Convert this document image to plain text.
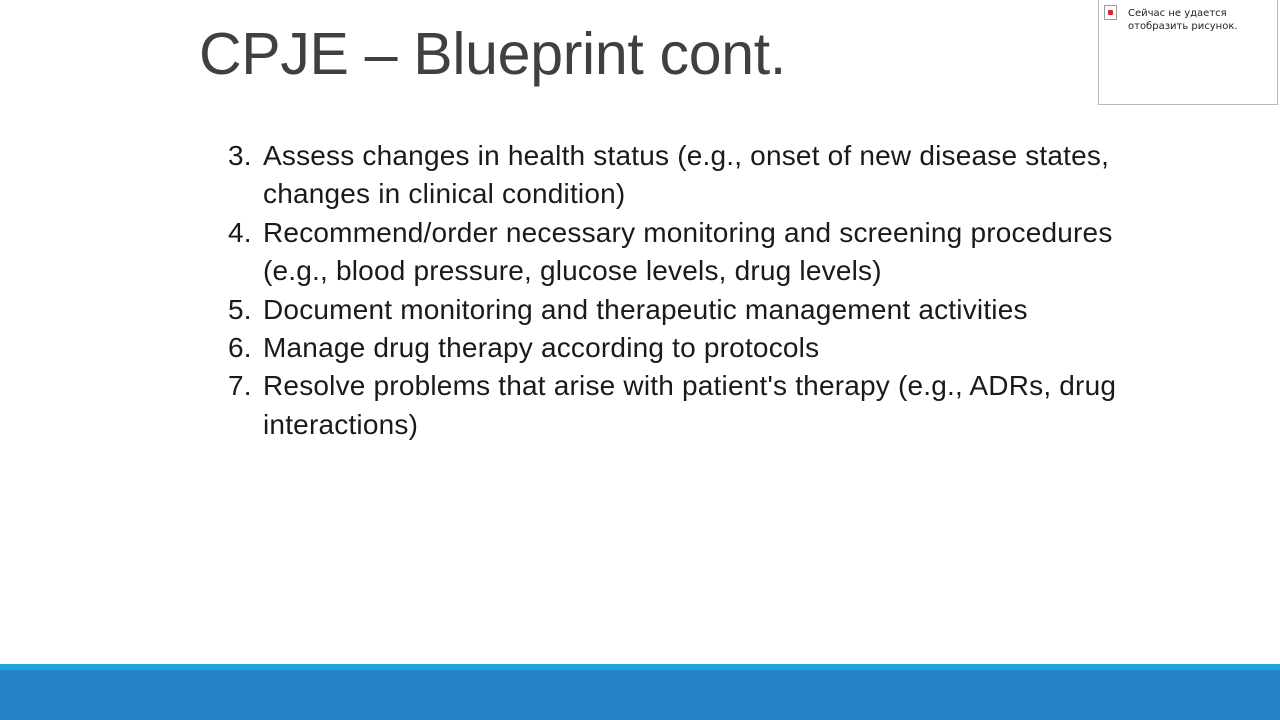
CPJE – Blueprint cont.
Сейчас не удается отобразить рисунок.
3. Assess changes in health status (e.g., onset of new disease states, changes in clinical condition)
4. Recommend/order necessary monitoring and screening procedures (e.g., blood pressure, glucose levels, drug levels)
5. Document monitoring and therapeutic management activities
6. Manage drug therapy according to protocols
7. Resolve problems that arise with patient's therapy (e.g., ADRs, drug interactions)
